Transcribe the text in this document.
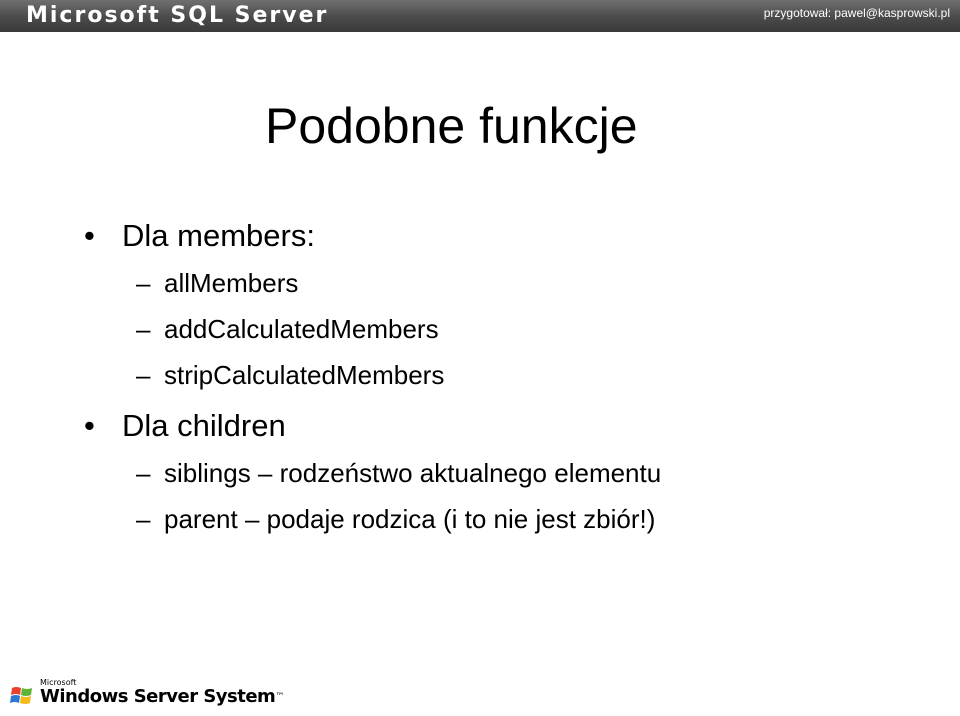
Microsoft SQL Server	przygotował: pawel@kasprowski.pl
Podobne funkcje
• Dla members:
– allMembers
– addCalculatedMembers
– stripCalculatedMembers
• Dla children
– siblings – rodzeństwo aktualnego elementu
– parent – podaje rodzica (i to nie jest zbiór!)
Microsoft
Windows Server System™
